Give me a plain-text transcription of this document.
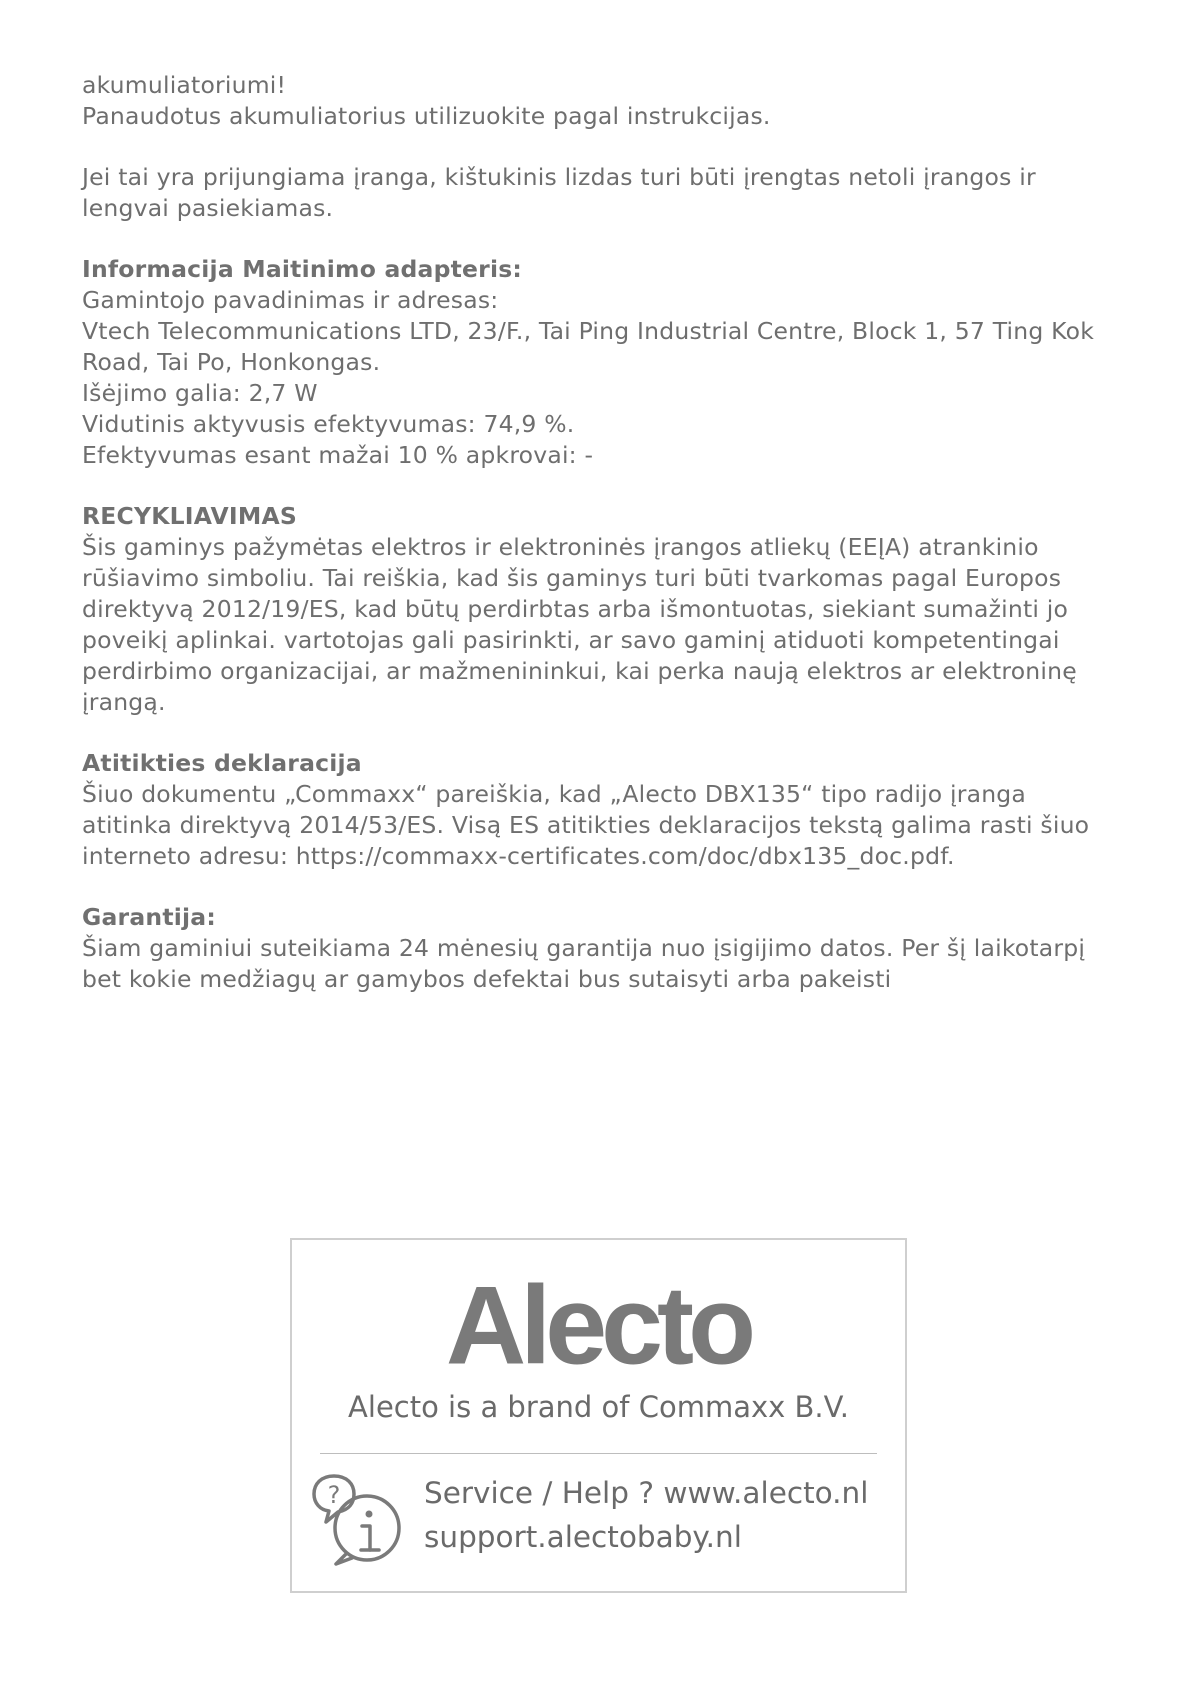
akumuliatoriumi!

Panaudotus akumuliatorius utilizuokite pagal instrukcijas.

Jei tai yra prijungiama įranga, kištukinis lizdas turi būti įrengtas netoli įrangos ir lengvai pasiekiamas.

Informacija Maitinimo adapteris:

Gamintojo pavadinimas ir adresas:

Vtech Telecommunications LTD, 23/F., Tai Ping Industrial Centre, Block 1, 57 Ting Kok Road, Tai Po, Honkongas.

Išėjimo galia: 2,7 W

Vidutinis aktyvusis efektyvumas: 74,9 %.

Efektyvumas esant mažai 10 % apkrovai: -

RECYKLIAVIMAS

Šis gaminys pažymėtas elektros ir elektroninės įrangos atliekų (EEĮA) atrankinio rūšiavimo simboliu. Tai reiškia, kad šis gaminys turi būti tvarkomas pagal Europos direktyvą 2012/19/ES, kad būtų perdirbtas arba išmontuotas, siekiant sumažinti jo poveikį aplinkai. vartotojas gali pasirinkti, ar savo gaminį atiduoti kompetentingai perdirbimo organizacijai, ar mažmenininkui, kai perka naują elektros ar elektroninę įrangą.

Atitikties deklaracija

Šiuo dokumentu „Commaxx“ pareiškia, kad „Alecto DBX135“ tipo radijo įranga atitinka direktyvą 2014/53/ES. Visą ES atitikties deklaracijos tekstą galima rasti šiuo interneto adresu: https://commaxx-certificates.com/doc/dbx135_doc.pdf.

Garantija:

Šiam gaminiui suteikiama 24 mėnesių garantija nuo įsigijimo datos. Per šį laikotarpį bet kokie medžiagų ar gamybos defektai bus sutaisyti arba pakeisti

Alecto
Alecto is a brand of Commaxx B.V.
?	Service / Help ? www.alecto.nl
support.alectobaby.nl
